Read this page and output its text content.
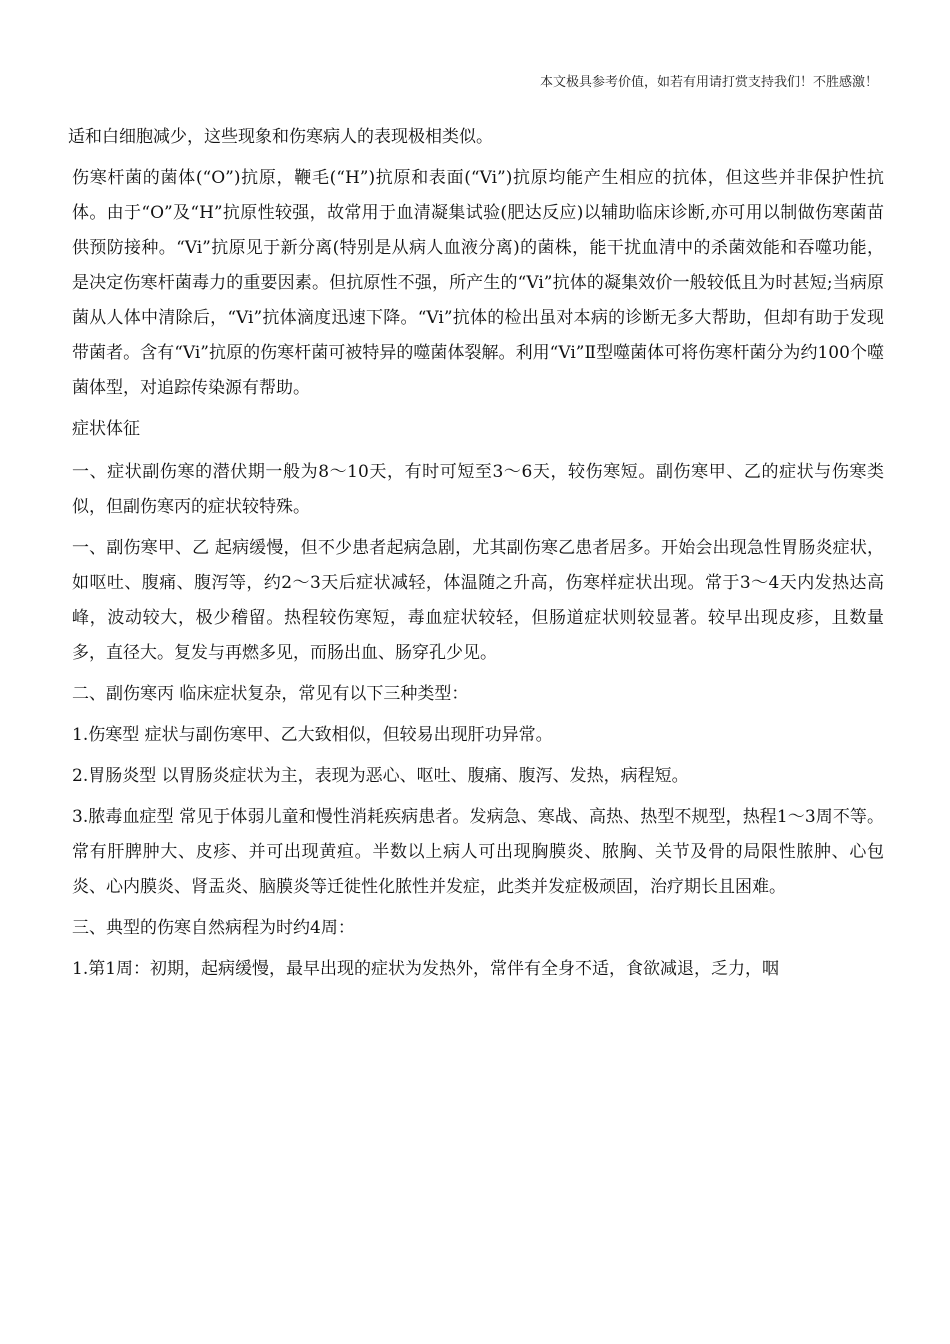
本文极具参考价值，如若有用请打赏支持我们！不胜感激！

适和白细胞减少，这些现象和伤寒病人的表现极相类似。

伤寒杆菌的菌体(“O”)抗原，鞭毛(“H”)抗原和表面(“Vi”)抗原均能产生相应的抗体，但这些并非保护性抗体。由于“O”及“H”抗原性较强，故常用于血清凝集试验(肥达反应)以辅助临床诊断,亦可用以制做伤寒菌苗供预防接种。“Vi”抗原见于新分离(特别是从病人血液分离)的菌株，能干扰血清中的杀菌效能和吞噬功能，是决定伤寒杆菌毒力的重要因素。但抗原性不强，所产生的“Vi”抗体的凝集效价一般较低且为时甚短;当病原菌从人体中清除后，“Vi”抗体滴度迅速下降。“Vi”抗体的检出虽对本病的诊断无多大帮助，但却有助于发现带菌者。含有“Vi”抗原的伤寒杆菌可被特异的噬菌体裂解。利用“Vi”Ⅱ型噬菌体可将伤寒杆菌分为约100个噬菌体型，对追踪传染源有帮助。

症状体征

一、症状副伤寒的潜伏期一般为8～10天，有时可短至3～6天，较伤寒短。副伤寒甲、乙的症状与伤寒类似，但副伤寒丙的症状较特殊。

一、副伤寒甲、乙 起病缓慢，但不少患者起病急剧，尤其副伤寒乙患者居多。开始会出现急性胃肠炎症状，如呕吐、腹痛、腹泻等，约2～3天后症状减轻，体温随之升高，伤寒样症状出现。常于3～4天内发热达高峰，波动较大，极少稽留。热程较伤寒短，毒血症状较轻，但肠道症状则较显著。较早出现皮疹，且数量多，直径大。复发与再燃多见，而肠出血、肠穿孔少见。

二、副伤寒丙 临床症状复杂，常见有以下三种类型：

1.伤寒型 症状与副伤寒甲、乙大致相似，但较易出现肝功异常。

2.胃肠炎型 以胃肠炎症状为主，表现为恶心、呕吐、腹痛、腹泻、发热，病程短。

3.脓毒血症型 常见于体弱儿童和慢性消耗疾病患者。发病急、寒战、高热、热型不规型，热程1～3周不等。常有肝脾肿大、皮疹、并可出现黄疸。半数以上病人可出现胸膜炎、脓胸、关节及骨的局限性脓肿、心包炎、心内膜炎、肾盂炎、脑膜炎等迁徙性化脓性并发症，此类并发症极顽固，治疗期长且困难。

三、典型的伤寒自然病程为时约4周：

1.第1周：初期，起病缓慢，最早出现的症状为发热外，常伴有全身不适，食欲减退，乏力，咽
